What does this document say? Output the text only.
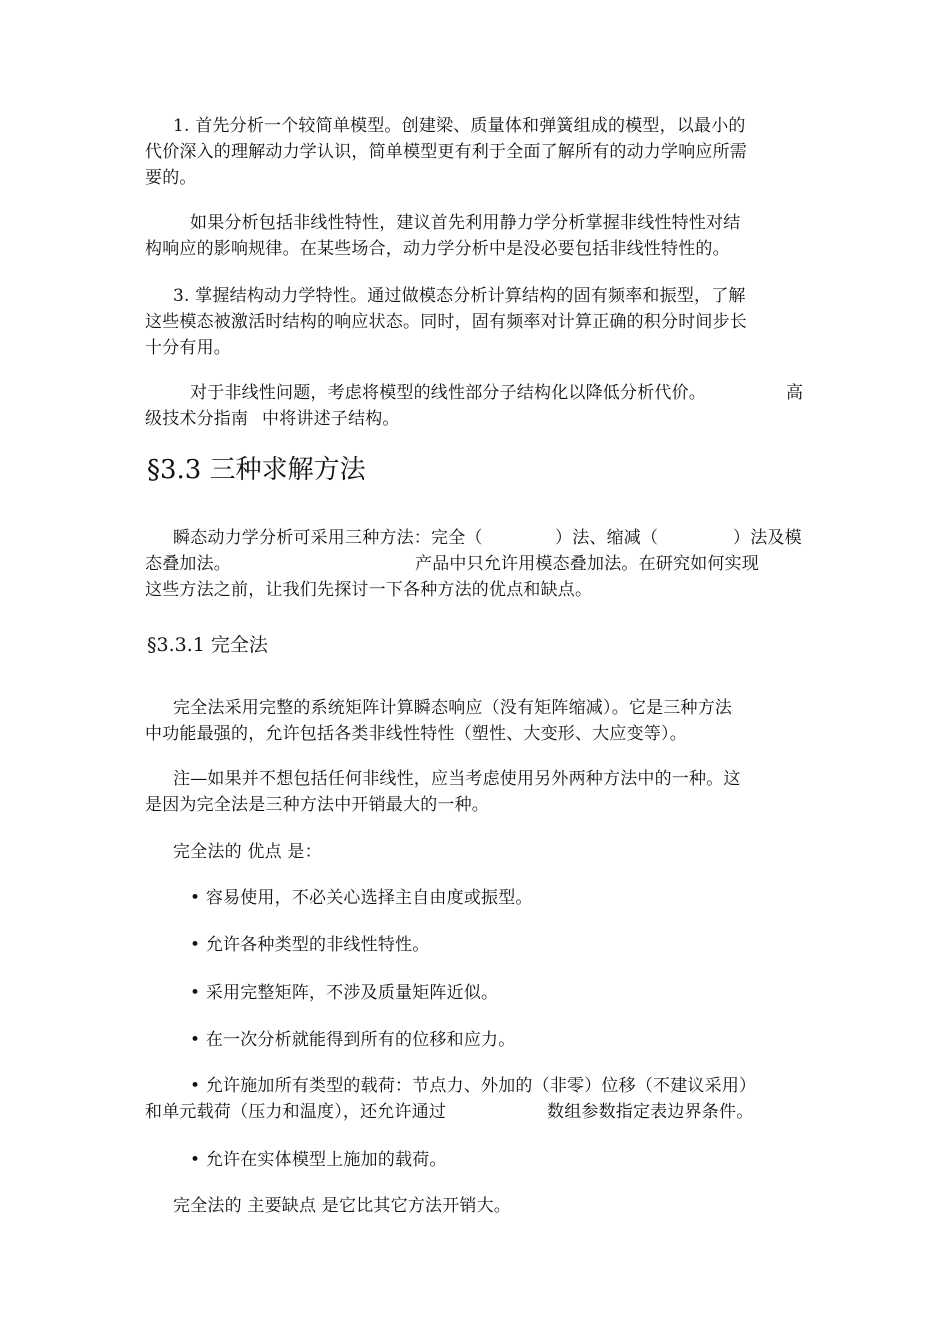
1. 首先分析一个较简单模型。创建梁、质量体和弹簧组成的模型，以最小的
代价深入的理解动力学认识，简单模型更有利于全面了解所有的动力学响应所需
要的。
如果分析包括非线性特性，建议首先利用静力学分析掌握非线性特性对结
构响应的影响规律。在某些场合，动力学分析中是没必要包括非线性特性的。
3. 掌握结构动力学特性。通过做模态分析计算结构的固有频率和振型，了解
这些模态被激活时结构的响应状态。同时，固有频率对计算正确的积分时间步长
十分有用。
对于非线性问题，考虑将模型的线性部分子结构化以降低分析代价。	高
级技术分指南 中将讲述子结构。
§3.3 三种求解方法
瞬态动力学分析可采用三种方法：完全（	）法、缩减（	）法及模
态叠加法。	产品中只允许用模态叠加法。在研究如何实现
这些方法之前，让我们先探讨一下各种方法的优点和缺点。
§3.3.1 完全法
完全法采用完整的系统矩阵计算瞬态响应（没有矩阵缩减）。它是三种方法
中功能最强的，允许包括各类非线性特性（塑性、大变形、大应变等）。
注—如果并不想包括任何非线性，应当考虑使用另外两种方法中的一种。这
是因为完全法是三种方法中开销最大的一种。
完全法的 优点 是：
• 容易使用，不必关心选择主自由度或振型。
• 允许各种类型的非线性特性。
• 采用完整矩阵，不涉及质量矩阵近似。
• 在一次分析就能得到所有的位移和应力。
• 允许施加所有类型的载荷：节点力、外加的（非零）位移（不建议采用）
和单元载荷（压力和温度），还允许通过	数组参数指定表边界条件。
• 允许在实体模型上施加的载荷。
完全法的 主要缺点 是它比其它方法开销大。
